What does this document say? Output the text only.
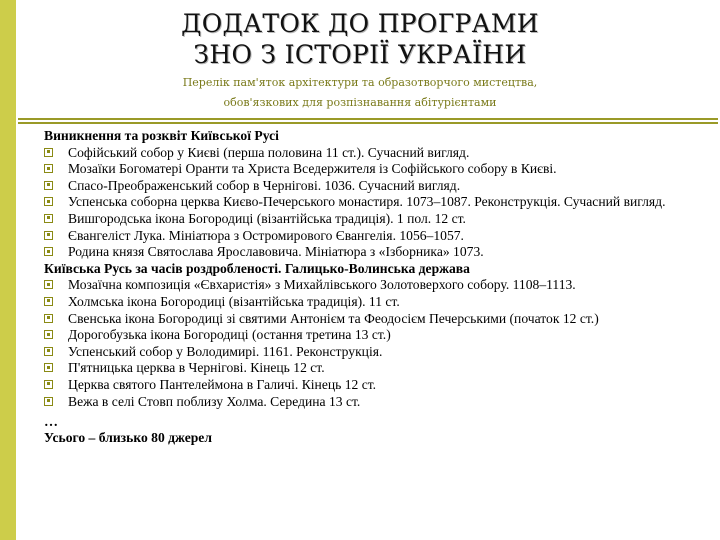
ДОДАТОК ДО ПРОГРАМИ
ЗНО З ІСТОРІЇ УКРАЇНИ
Перелік пам'яток архітектури та образотворчого мистецтва,
обов'язкових для розпізнавання абітурієнтами
Виникнення та розквіт Київської Русі
Софійський собор у Києві (перша половина 11 ст.). Сучасний вигляд.
Мозаїки Богоматері Оранти та Христа Вседержителя із Софійського собору в Києві.
Спасо-Преображенський собор в Чернігові. 1036. Сучасний вигляд.
Успенська соборна церква Києво-Печерського монастиря. 1073–1087. Реконструкція. Сучасний вигляд.
Вишгородська ікона Богородиці (візантійська традиція). 1 пол. 12 ст.
Євангеліст Лука. Мініатюра з Остромирового Євангелія. 1056–1057.
Родина князя Святослава Ярославовича. Мініатюра з «Ізборника» 1073.
Київська Русь за часів роздробленості. Галицько-Волинська держава
Мозаїчна композиція «Євхаристія» з Михайлівського Золотоверхого собору. 1108–1113.
Холмська ікона Богородиці (візантійська традиція). 11 ст.
Свенська ікона Богородиці зі святими Антонієм та Феодосієм Печерськими (початок 12 ст.)
Дорогобузька ікона Богородиці (остання третина 13 ст.)
Успенський собор у Володимирі. 1161. Реконструкція.
П'ятницька церква в Чернігові. Кінець 12 ст.
Церква святого Пантелеймона в Галичі. Кінець 12 ст.
Вежа в селі Стовп поблизу Холма. Середина 13 ст.
…
Усього – близько 80 джерел
